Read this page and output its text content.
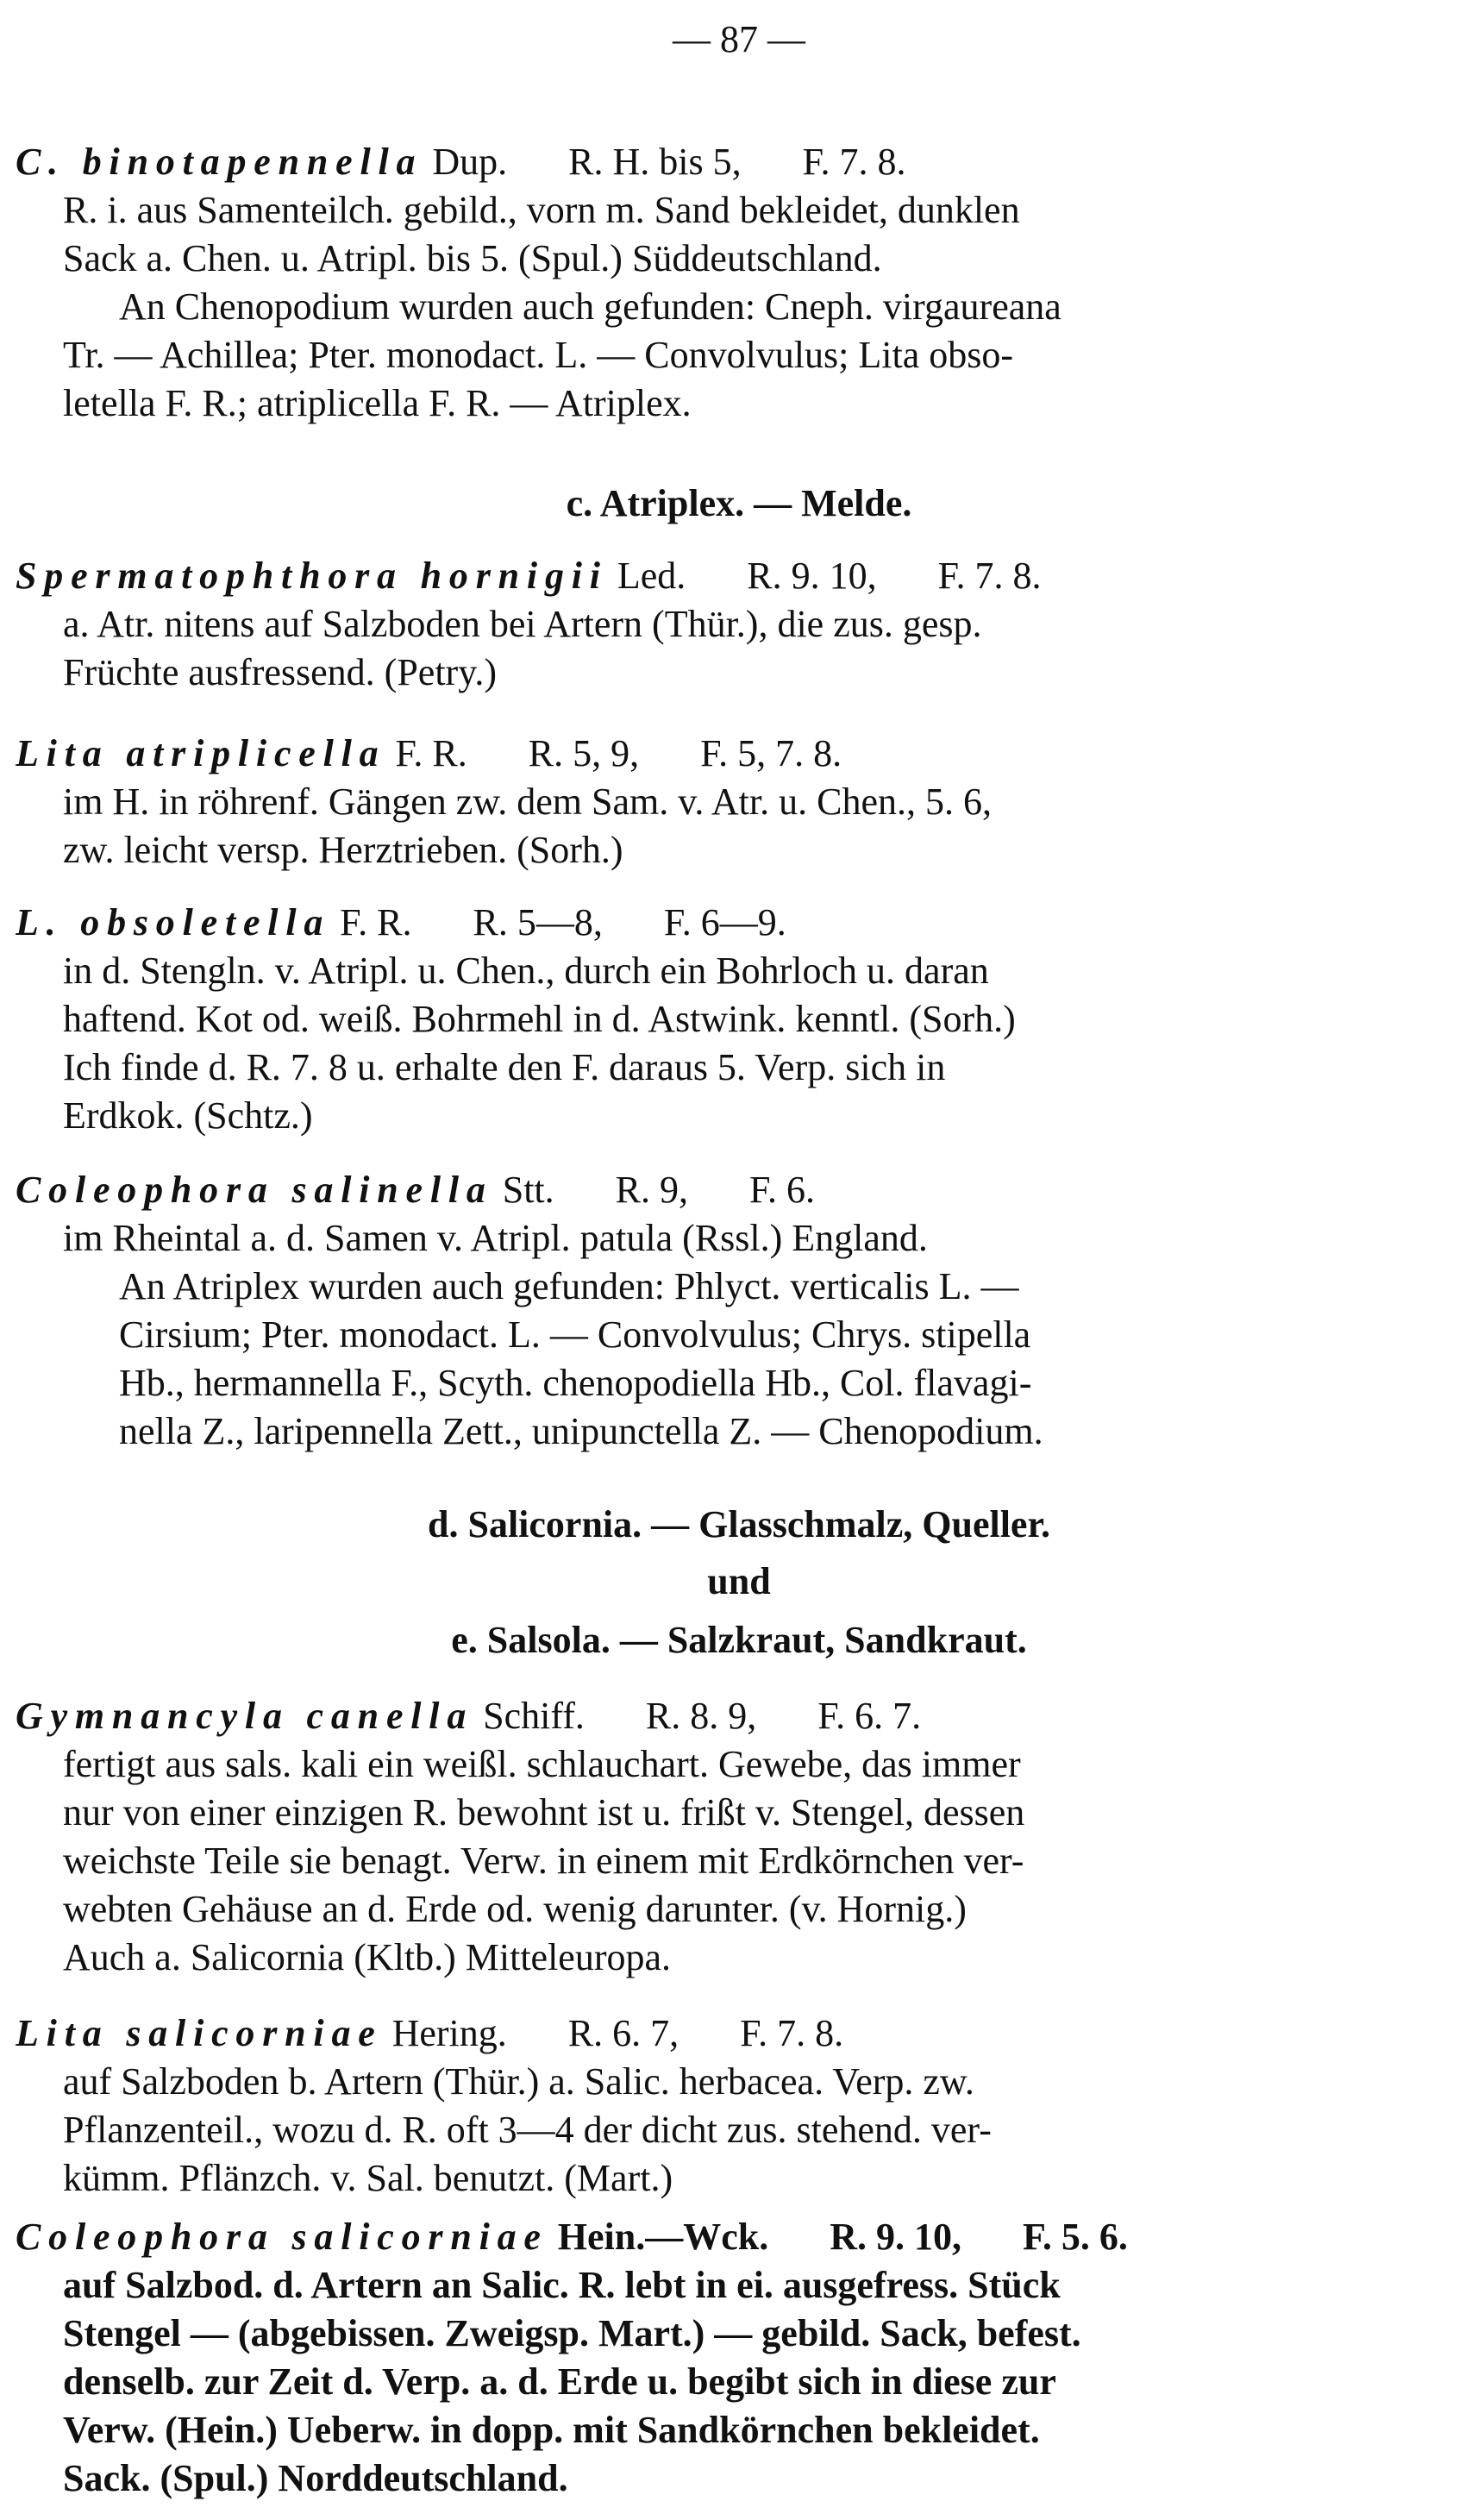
— 87 —
C. binotapennella Dup. R. H. bis 5, F. 7. 8.
R. i. aus Samenteilch. gebild., vorn m. Sand bekleidet, dunklen
Sack a. Chen. u. Atripl. bis 5. (Spul.) Süddeutschland.
An Chenopodium wurden auch gefunden: Cneph. virgaureana
Tr. — Achillea; Pter. monodact. L. — Convolvulus; Lita obso-
letella F. R.; atriplicella F. R. — Atriplex.
c. Atriplex. — Melde.
Spermatophthora hornigii Led. R. 9. 10, F. 7. 8.
a. Atr. nitens auf Salzboden bei Artern (Thür.), die zus. gesp.
Früchte ausfressend. (Petry.)
Lita atriplicella F. R. R. 5, 9, F. 5, 7. 8.
im H. in röhrenf. Gängen zw. dem Sam. v. Atr. u. Chen., 5. 6,
zw. leicht versp. Herztrieben. (Sorh.)
L. obsoletella F. R. R. 5—8, F. 6—9.
in d. Stengln. v. Atripl. u. Chen., durch ein Bohrloch u. daran
haftend. Kot od. weiß. Bohrmehl in d. Astwink. kenntl. (Sorh.)
Ich finde d. R. 7. 8 u. erhalte den F. daraus 5. Verp. sich in
Erdkok. (Schtz.)
Coleophora salinella Stt. R. 9, F. 6.
im Rheintal a. d. Samen v. Atripl. patula (Rssl.) England.
An Atriplex wurden auch gefunden: Phlyct. verticalis L. —
Cirsium; Pter. monodact. L. — Convolvulus; Chrys. stipella
Hb., hermannella F., Scyth. chenopodiella Hb., Col. flavagi-
nella Z., laripennella Zett., unipunctella Z. — Chenopodium.
d. Salicornia. — Glasschmalz, Queller.
und
e. Salsola. — Salzkraut, Sandkraut.
Gymnancyla canella Schiff. R. 8. 9, F. 6. 7.
fertigt aus sals. kali ein weißl. schlauchart. Gewebe, das immer
nur von einer einzigen R. bewohnt ist u. frißt v. Stengel, dessen
weichste Teile sie benagt. Verw. in einem mit Erdkörnchen ver-
webten Gehäuse an d. Erde od. wenig darunter. (v. Hornig.)
Auch a. Salicornia (Kltb.) Mitteleuropa.
Lita salicorniae Hering. R. 6. 7, F. 7. 8.
auf Salzboden b. Artern (Thür.) a. Salic. herbacea. Verp. zw.
Pflanzenteil., wozu d. R. oft 3—4 der dicht zus. stehend. ver-
kümm. Pflänzch. v. Sal. benutzt. (Mart.)
Coleophora salicorniae Hein.—Wck. R. 9. 10, F. 5. 6.
auf Salzbod. d. Artern an Salic. R. lebt in ei. ausgefress. Stück
Stengel — (abgebissen. Zweigsp. Mart.) — gebild. Sack, befest.
denselb. zur Zeit d. Verp. a. d. Erde u. begibt sich in diese zur
Verw. (Hein.) Ueberw. in dopp. mit Sandkörnchen bekleidet.
Sack. (Spul.) Norddeutschland.
